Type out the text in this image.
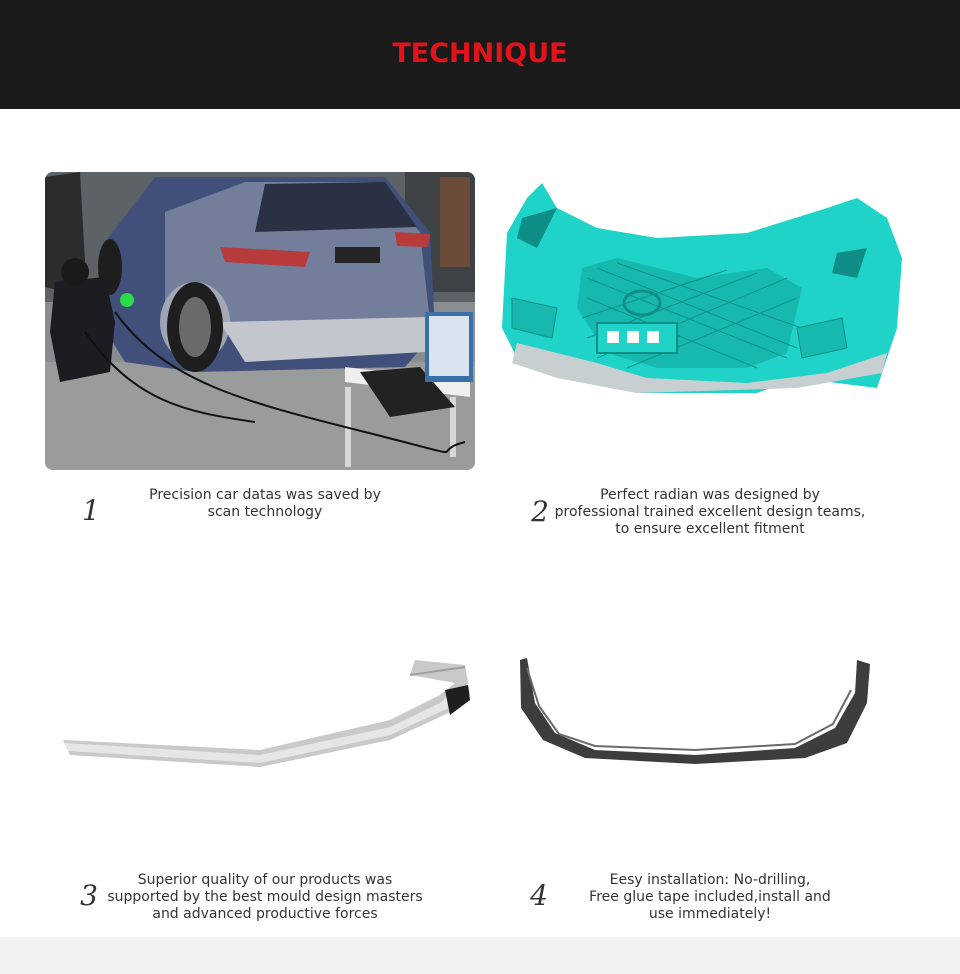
TECHNIQUE
1	Precision car datas was saved by
scan technology	2	Perfect radian was designed by
professional trained excellent design teams,
to ensure excellent fitment
3	Superior quality of our products was
supported by the best mould design masters
and advanced productive forces
4	Eesy installation: No-drilling,
Free glue tape included,install and
use immediately!
